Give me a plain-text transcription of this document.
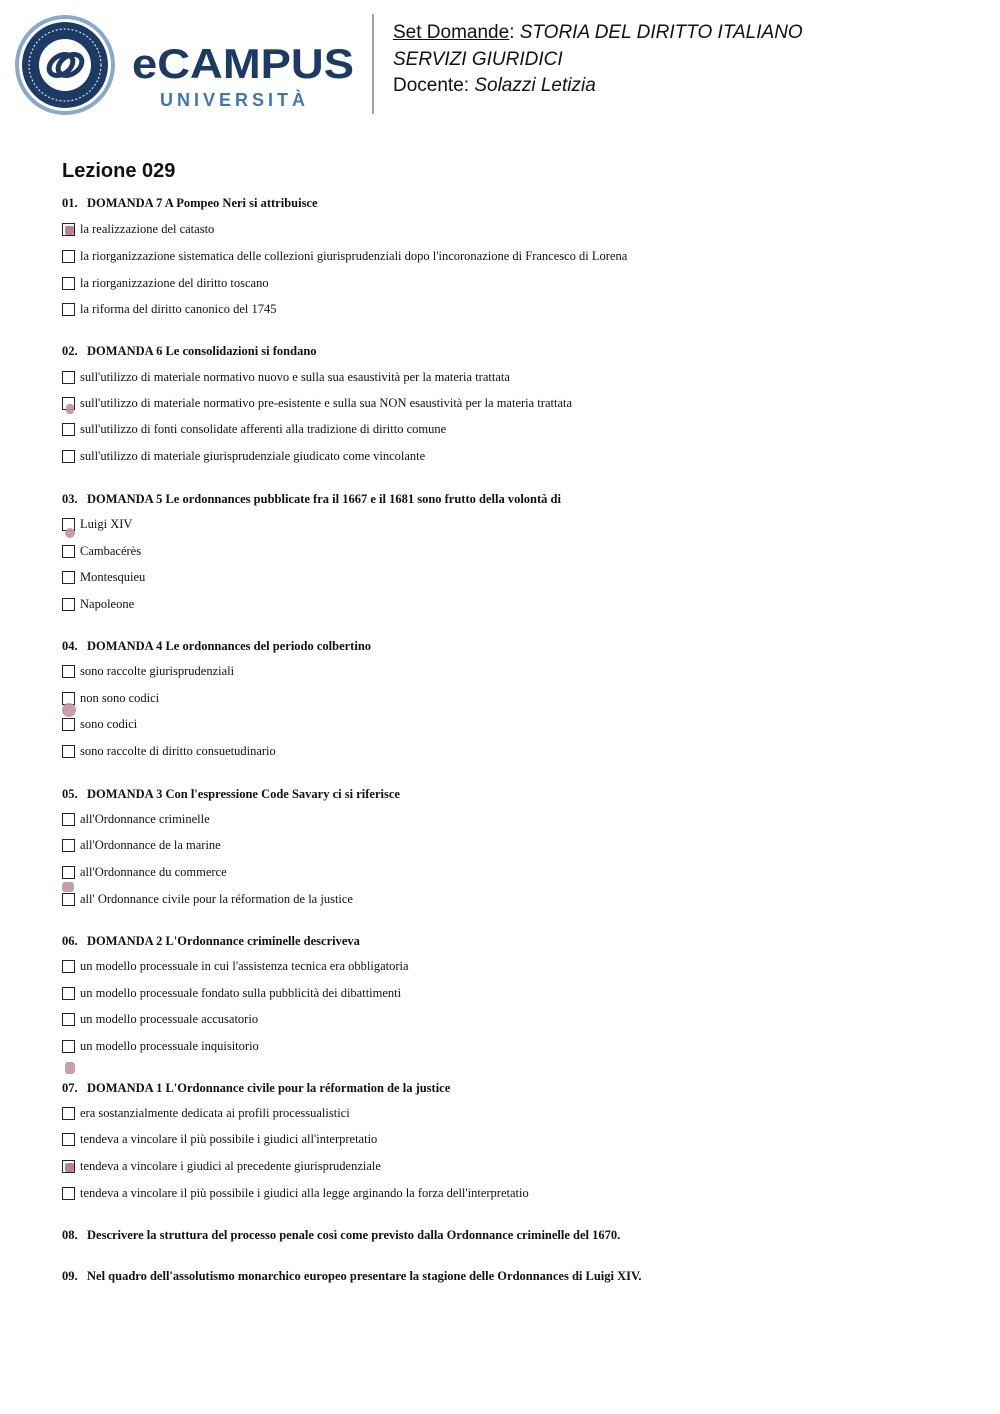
eCAMPUS
UNIVERSITÀ
Set Domande: STORIA DEL DIRITTO ITALIANO
SERVIZI GIURIDICI
Docente: Solazzi Letizia
Lezione 029
01. DOMANDA 7 A Pompeo Neri si attribuisce
la realizzazione del catasto
la riorganizzazione sistematica delle collezioni giurisprudenziali dopo l'incoronazione di Francesco di Lorena
la riorganizzazione del diritto toscano
la riforma del diritto canonico del 1745
02. DOMANDA 6 Le consolidazioni si fondano
sull'utilizzo di materiale normativo nuovo e sulla sua esaustività per la materia trattata
sull'utilizzo di materiale normativo pre-esistente e sulla sua NON esaustività per la materia trattata
sull'utilizzo di fonti consolidate afferenti alla tradizione di diritto comune
sull'utilizzo di materiale giurisprudenziale giudicato come vincolante
03. DOMANDA 5 Le ordonnances pubblicate fra il 1667 e il 1681 sono frutto della volontà di
Luigi XIV
Cambacérès
Montesquieu
Napoleone
04. DOMANDA 4 Le ordonnances del periodo colbertino
sono raccolte giurisprudenziali
non sono codici
sono codici
sono raccolte di diritto consuetudinario
05. DOMANDA 3 Con l'espressione Code Savary ci si riferisce
all'Ordonnance criminelle
all'Ordonnance de la marine
all'Ordonnance du commerce
all' Ordonnance civile pour la réformation de la justice
06. DOMANDA 2 L'Ordonnance criminelle descriveva
un modello processuale in cui l'assistenza tecnica era obbligatoria
un modello processuale fondato sulla pubblicità dei dibattimenti
un modello processuale accusatorio
un modello processuale inquisitorio
07. DOMANDA 1 L'Ordonnance civile pour la réformation de la justice
era sostanzialmente dedicata ai profili processualistici
tendeva a vincolare il più possibile i giudici all'interpretatio
tendeva a vincolare i giudici al precedente giurisprudenziale
tendeva a vincolare il più possibile i giudici alla legge arginando la forza dell'interpretatio
08. Descrivere la struttura del processo penale così come previsto dalla Ordonnance criminelle del 1670.
09. Nel quadro dell'assolutismo monarchico europeo presentare la stagione delle Ordonnances di Luigi XIV.
